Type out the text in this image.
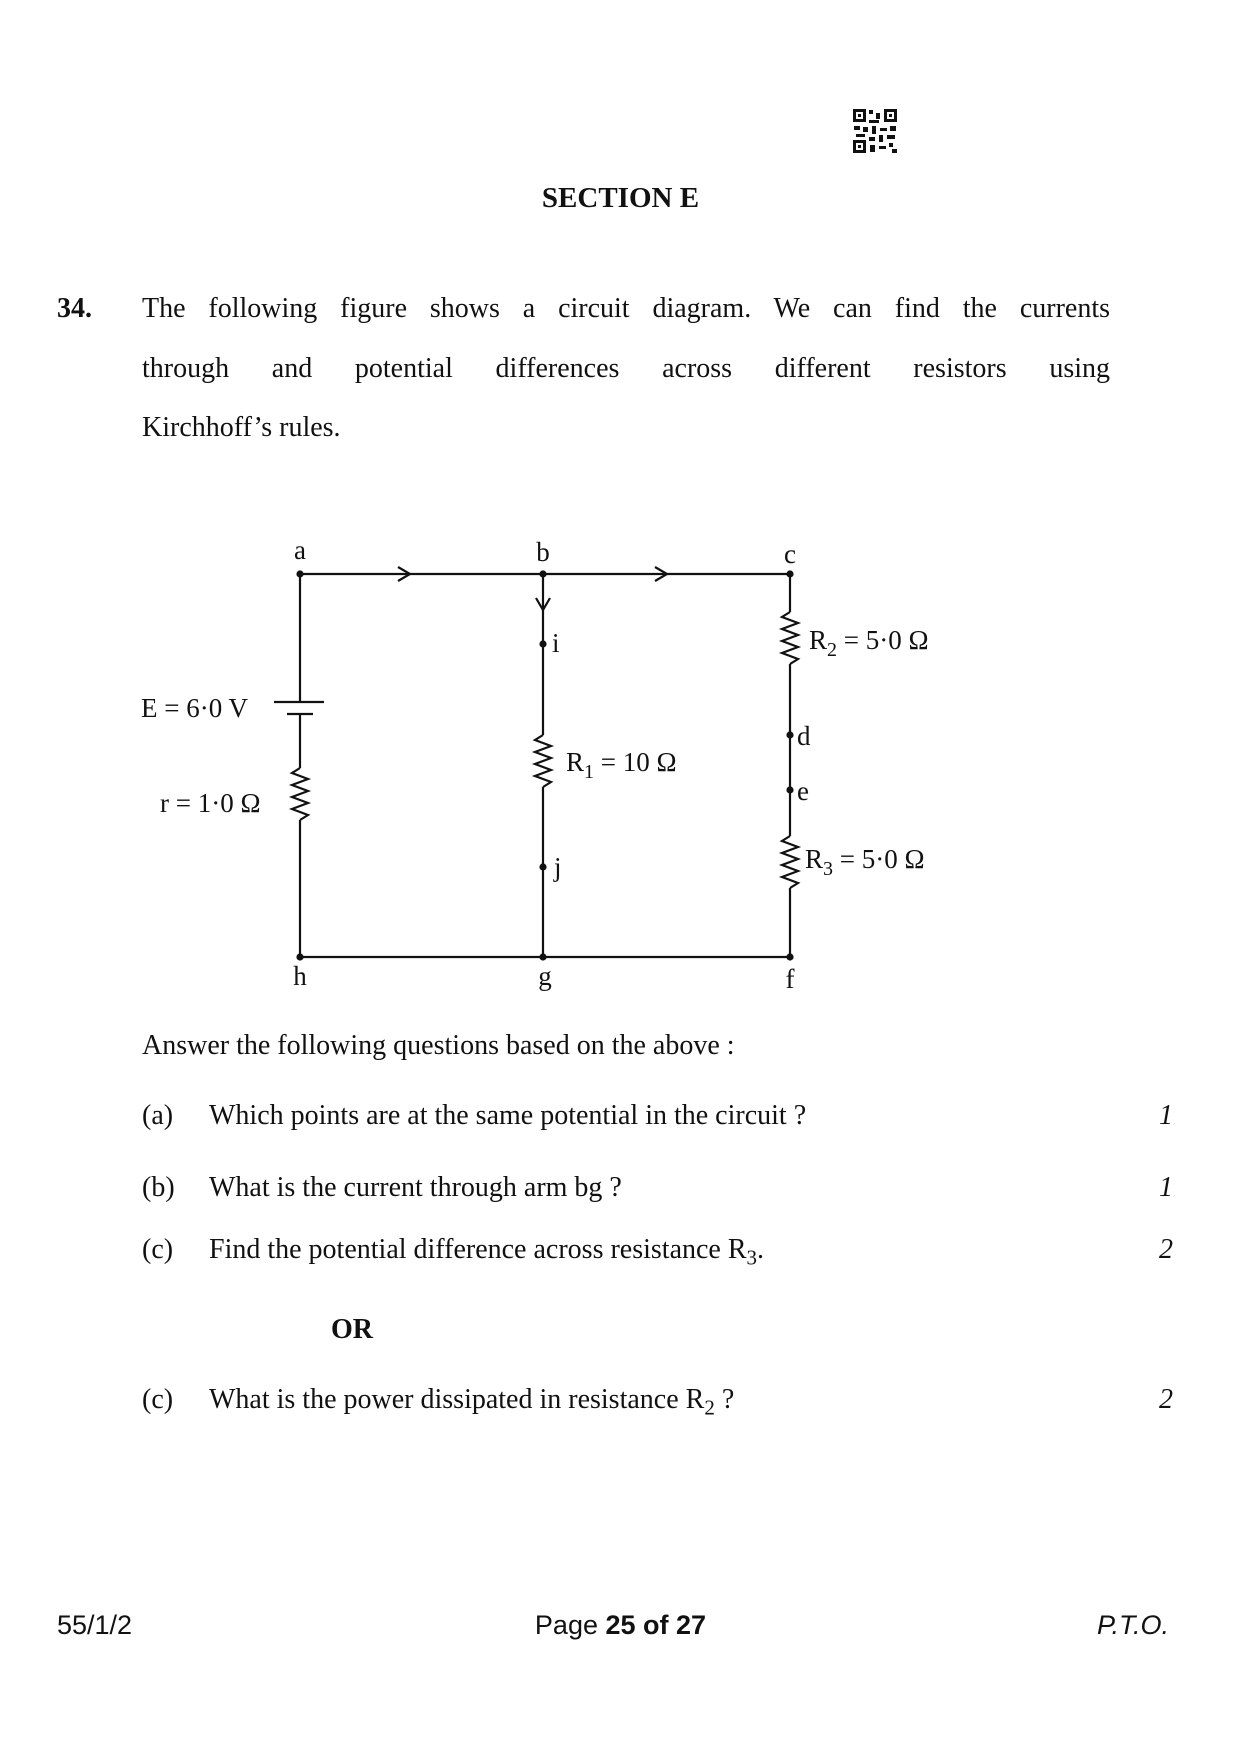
SECTION E
34. The following figure shows a circuit diagram. We can find the currents
through and potential differences across different resistors using
Kirchhoff’s rules.
a	b	c
i
j
d
e
h	g	f
E = 6·0 V
r = 1·0 Ω
$R_1 = 10$ Ω
$R_2 = 5\cdot 0$ Ω
$R_3 = 5\cdot 0$ Ω
Answer the following questions based on the above :
(a) Which points are at the same potential in the circuit ?	1
(b) What is the current through arm bg ?	1
(c) Find the potential difference across resistance $R_3$.	2
OR
(c) What is the power dissipated in resistance $R_2$ ?	2
55/1/2	Page 25 of 27	P.T.O.
